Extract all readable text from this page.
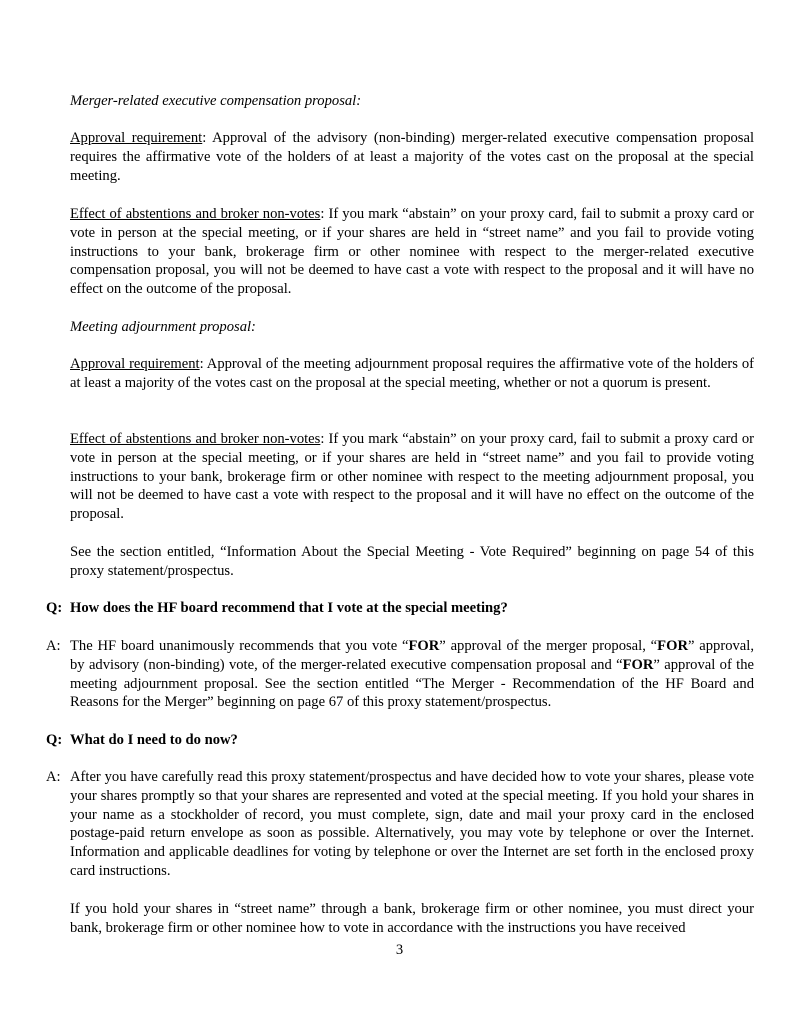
Merger-related executive compensation proposal:

Approval requirement: Approval of the advisory (non-binding) merger-related executive compensation proposal requires the affirmative vote of the holders of at least a majority of the votes cast on the proposal at the special meeting.

Effect of abstentions and broker non-votes: If you mark “abstain” on your proxy card, fail to submit a proxy card or vote in person at the special meeting, or if your shares are held in “street name” and you fail to provide voting instructions to your bank, brokerage firm or other nominee with respect to the merger-related executive compensation proposal, you will not be deemed to have cast a vote with respect to the proposal and it will have no effect on the outcome of the proposal.

Meeting adjournment proposal:

Approval requirement: Approval of the meeting adjournment proposal requires the affirmative vote of the holders of at least a majority of the votes cast on the proposal at the special meeting, whether or not a quorum is present.

Effect of abstentions and broker non-votes: If you mark “abstain” on your proxy card, fail to submit a proxy card or vote in person at the special meeting, or if your shares are held in “street name” and you fail to provide voting instructions to your bank, brokerage firm or other nominee with respect to the meeting adjournment proposal, you will not be deemed to have cast a vote with respect to the proposal and it will have no effect on the outcome of the proposal.

See the section entitled, “Information About the Special Meeting - Vote Required” beginning on page 54 of this proxy statement/prospectus.

Q: How does the HF board recommend that I vote at the special meeting?

A: The HF board unanimously recommends that you vote “FOR” approval of the merger proposal, “FOR” approval, by advisory (non-binding) vote, of the merger-related executive compensation proposal and “FOR” approval of the meeting adjournment proposal. See the section entitled “The Merger - Recommendation of the HF Board and Reasons for the Merger” beginning on page 67 of this proxy statement/prospectus.

Q: What do I need to do now?

A: After you have carefully read this proxy statement/prospectus and have decided how to vote your shares, please vote your shares promptly so that your shares are represented and voted at the special meeting. If you hold your shares in your name as a stockholder of record, you must complete, sign, date and mail your proxy card in the enclosed postage-paid return envelope as soon as possible. Alternatively, you may vote by telephone or over the Internet. Information and applicable deadlines for voting by telephone or over the Internet are set forth in the enclosed proxy card instructions.

If you hold your shares in “street name” through a bank, brokerage firm or other nominee, you must direct your bank, brokerage firm or other nominee how to vote in accordance with the instructions you have received

3
